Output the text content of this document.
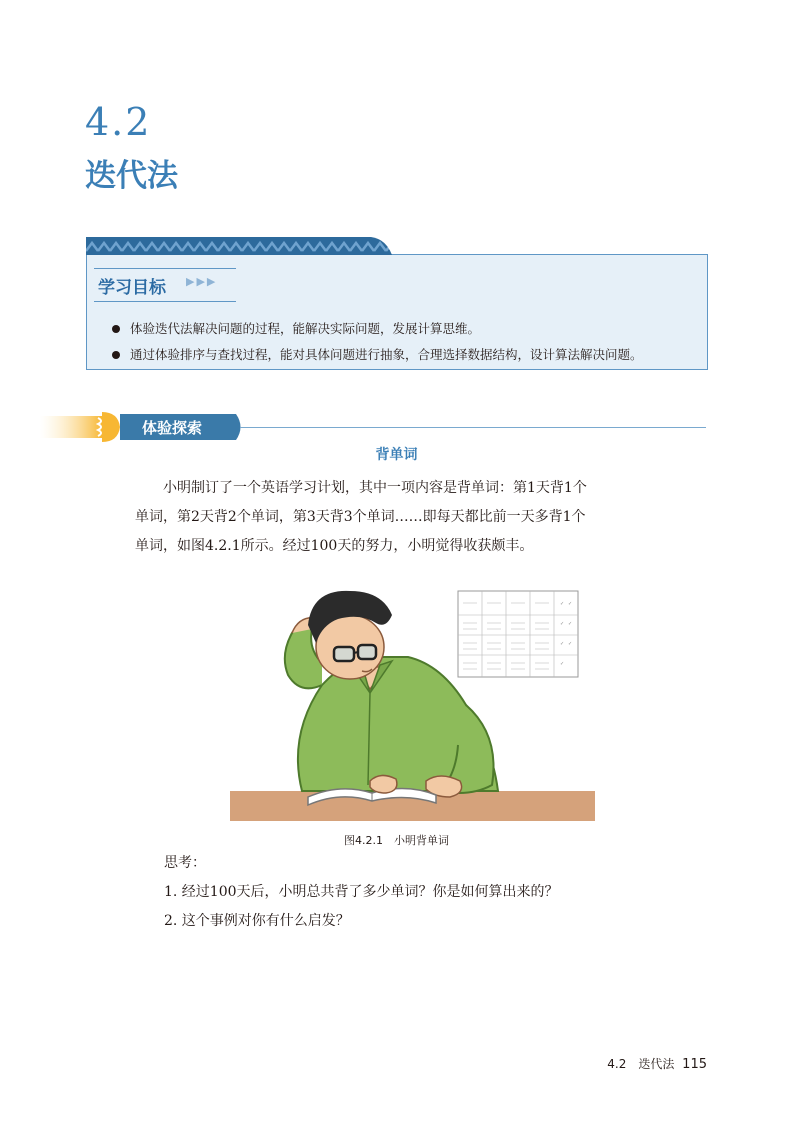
4.2
迭代法
学习目标 ▶▶▶
体验迭代法解决问题的过程，能解决实际问题，发展计算思维。
通过体验排序与查找过程，能对具体问题进行抽象，合理选择数据结构，设计算法解决问题。
体验探索
背单词

小明制订了一个英语学习计划，其中一项内容是背单词：第1天背1个

单词，第2天背2个单词，第3天背3个单词……即每天都比前一天多背1个

单词，如图4.2.1所示。经过100天的努力，小明觉得收获颇丰。

✓
✓
✓
✓
✓
✓
✓
图4.2.1　小明背单词

思考：

1. 经过100天后，小明总共背了多少单词？你是如何算出来的？

2. 这个事例对你有什么启发？

4.2　迭代法 115
